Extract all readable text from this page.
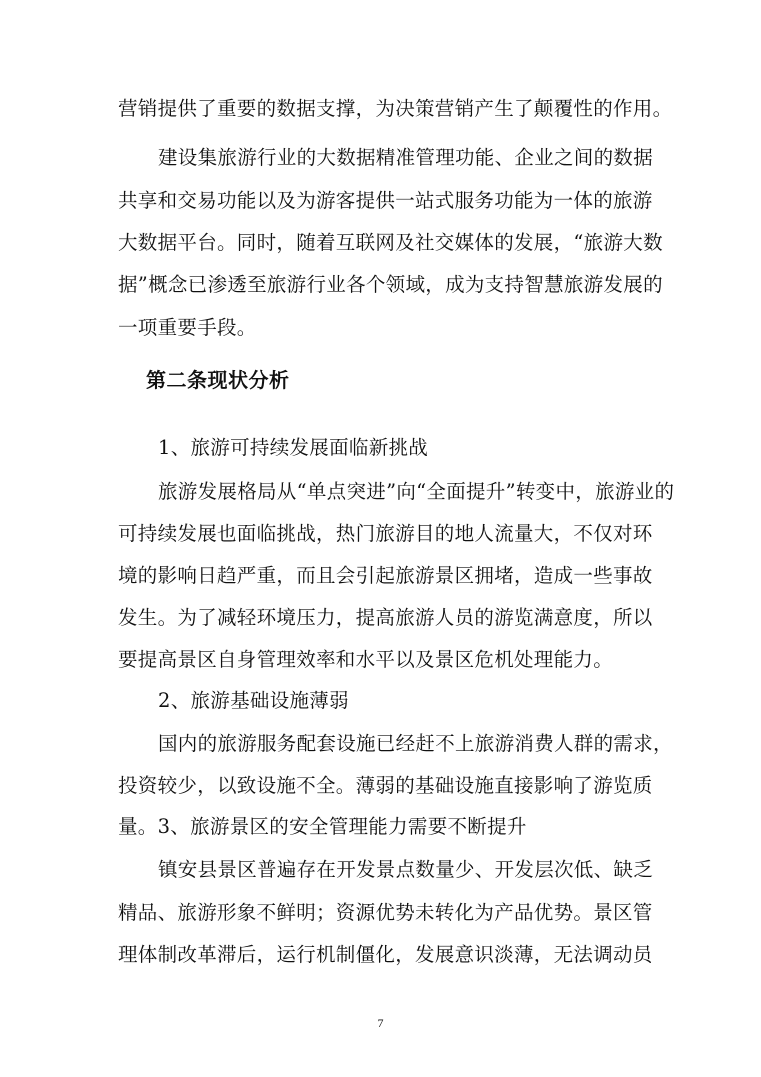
营销提供了重要的数据支撑，为决策营销产生了颠覆性的作用。
建设集旅游行业的大数据精准管理功能、企业之间的数据
共享和交易功能以及为游客提供一站式服务功能为一体的旅游
大数据平台。同时，随着互联网及社交媒体的发展，“旅游大数
据”概念已渗透至旅游行业各个领域，成为支持智慧旅游发展的
一项重要手段。
第二条现状分析
1、旅游可持续发展面临新挑战
旅游发展格局从“单点突进”向“全面提升”转变中，旅游业的
可持续发展也面临挑战，热门旅游目的地人流量大，不仅对环
境的影响日趋严重，而且会引起旅游景区拥堵，造成一些事故
发生。为了减轻环境压力，提高旅游人员的游览满意度，所以
要提高景区自身管理效率和水平以及景区危机处理能力。
2、旅游基础设施薄弱
国内的旅游服务配套设施已经赶不上旅游消费人群的需求，
投资较少，以致设施不全。薄弱的基础设施直接影响了游览质
量。3、旅游景区的安全管理能力需要不断提升
镇安县景区普遍存在开发景点数量少、开发层次低、缺乏
精品、旅游形象不鲜明；资源优势未转化为产品优势。景区管
理体制改革滞后，运行机制僵化，发展意识淡薄，无法调动员
7
